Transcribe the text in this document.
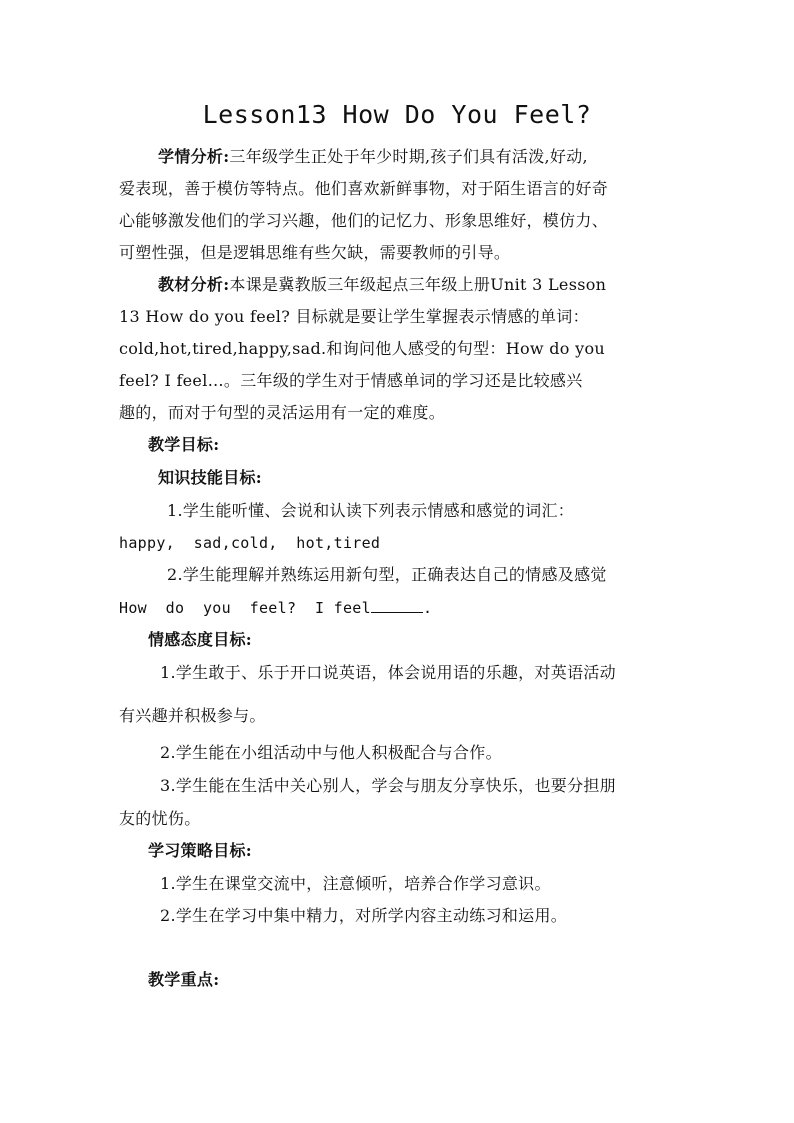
Lesson13 How Do You Feel?
学情分析:三年级学生正处于年少时期,孩子们具有活泼,好动,
爱表现，善于模仿等特点。他们喜欢新鲜事物，对于陌生语言的好奇
心能够激发他们的学习兴趣，他们的记忆力、形象思维好，模仿力、
可塑性强，但是逻辑思维有些欠缺，需要教师的引导。
教材分析:本课是冀教版三年级起点三年级上册Unit 3 Lesson
13 How do you feel? 目标就是要让学生掌握表示情感的单词：
cold,hot,tired,happy,sad.和询问他人感受的句型：How do you
feel? I feel…。三年级的学生对于情感单词的学习还是比较感兴
趣的，而对于句型的灵活运用有一定的难度。
教学目标:
知识技能目标:
1.学生能听懂、会说和认读下列表示情感和感觉的词汇：
happy,  sad,cold,  hot,tired
2.学生能理解并熟练运用新句型，正确表达自己的情感及感觉
How  do  you  feel?  I feel	.
情感态度目标:
1.学生敢于、乐于开口说英语，体会说用语的乐趣，对英语活动
有兴趣并积极参与。
2.学生能在小组活动中与他人积极配合与合作。
3.学生能在生活中关心别人，学会与朋友分享快乐，也要分担朋
友的忧伤。
学习策略目标:
1.学生在课堂交流中，注意倾听，培养合作学习意识。
2.学生在学习中集中精力，对所学内容主动练习和运用。
教学重点:
